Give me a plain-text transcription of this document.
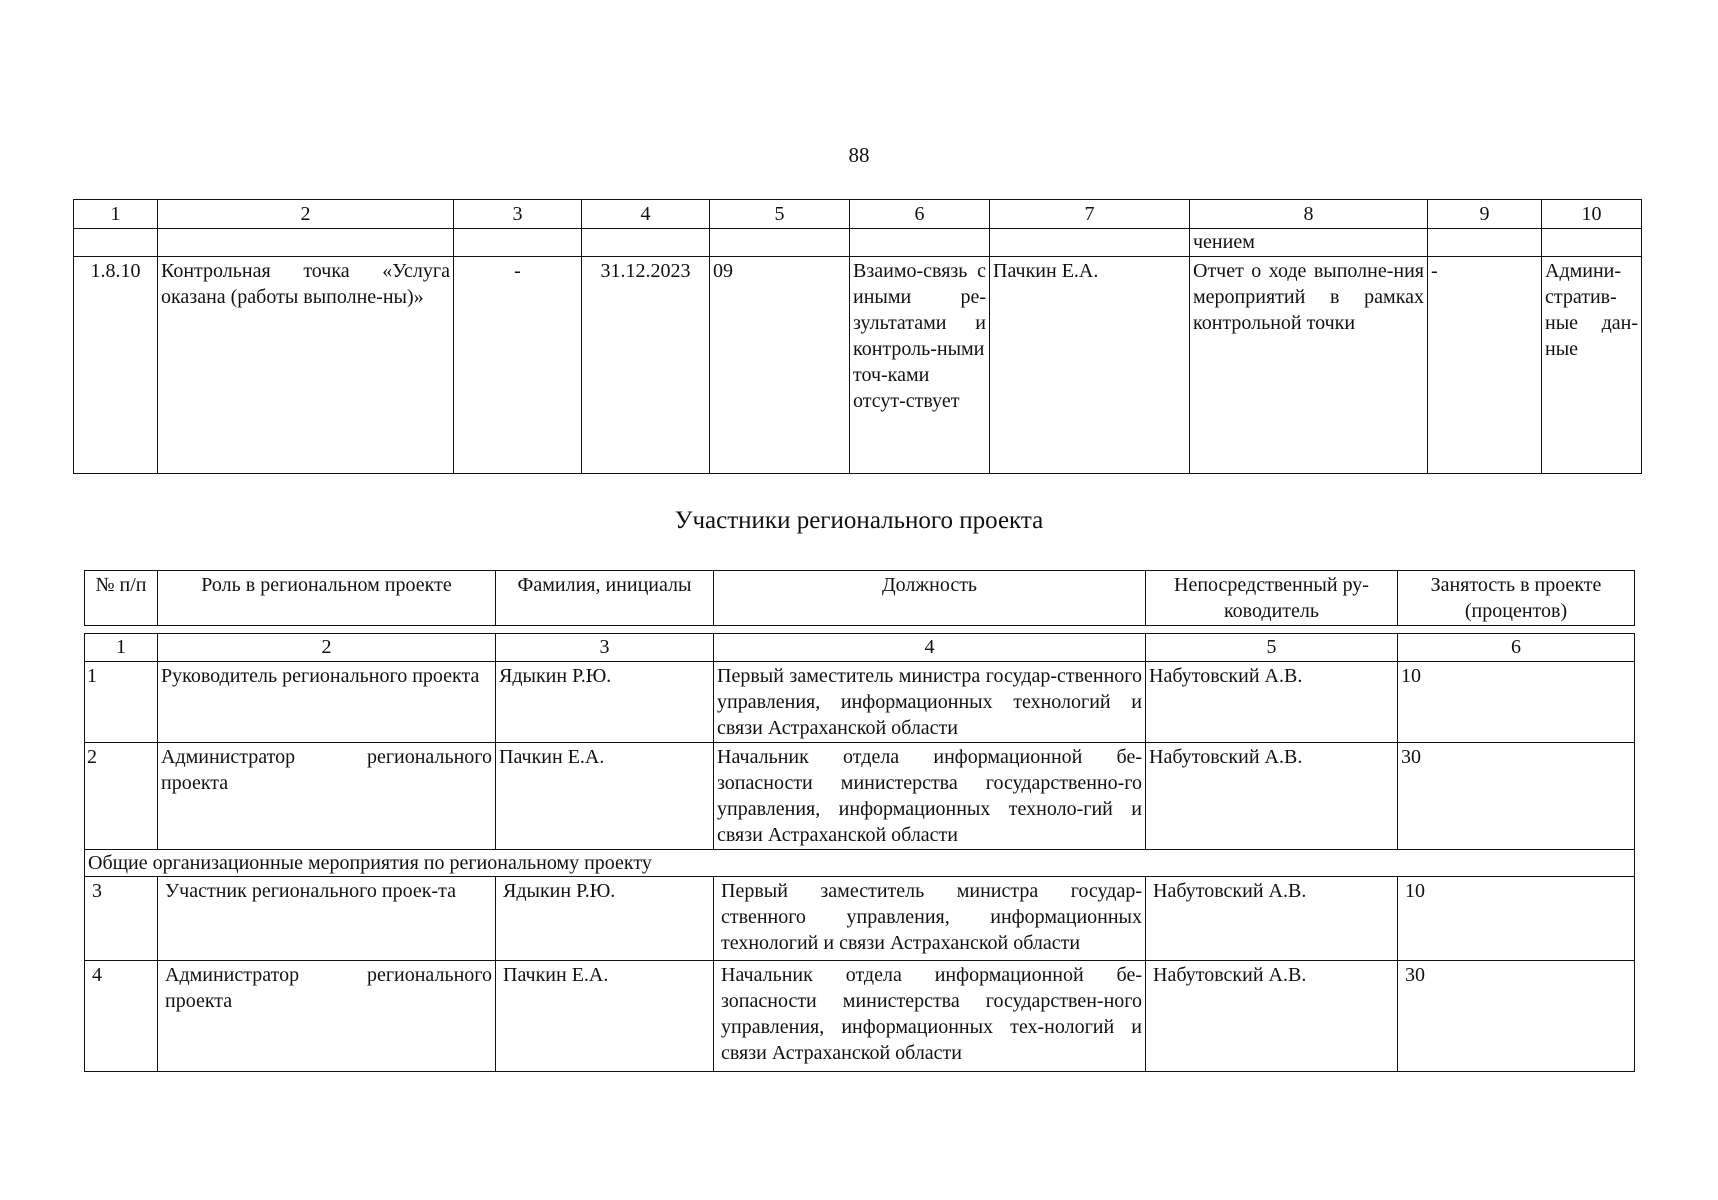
88
1	2	3	4	5	6	7	8	9	10
							чением		
1.8.10	Контрольная точка «Услуга оказана (работы выполне-ны)»	-	31.12.2023	09	Взаимо-связь с иными ре-зультатами и контроль-ными точ-ками отсут-ствует	Пачкин Е.А.	Отчет о ходе выполне-ния мероприятий в рамках контрольной точки	-	Админи-стратив-ные дан-ные
Участники регионального проекта
№ п/п	Роль в региональном проекте	Фамилия, инициалы	Должность	Непосредственный ру-ководитель	Занятость в проекте (процентов)
1	2	3	4	5	6
1	Руководитель регионального проекта	Ядыкин Р.Ю.	Первый заместитель министра государ-ственного управления, информационных технологий и связи Астраханской области	Набутовский А.В.	10
2	Администратор регионального проекта	Пачкин Е.А.	Начальник отдела информационной бе-зопасности министерства государственно-го управления, информационных техноло-гий и связи Астраханской области	Набутовский А.В.	30
Общие организационные мероприятия по региональному проекту					
3	Участник регионального проек-та	Ядыкин Р.Ю.	Первый заместитель министра государ-ственного управления, информационных технологий и связи Астраханской области	Набутовский А.В.	10
4	Администратор регионального проекта	Пачкин Е.А.	Начальник отдела информационной бе-зопасности министерства государствен-ного управления, информационных тех-нологий и связи Астраханской области	Набутовский А.В.	30
